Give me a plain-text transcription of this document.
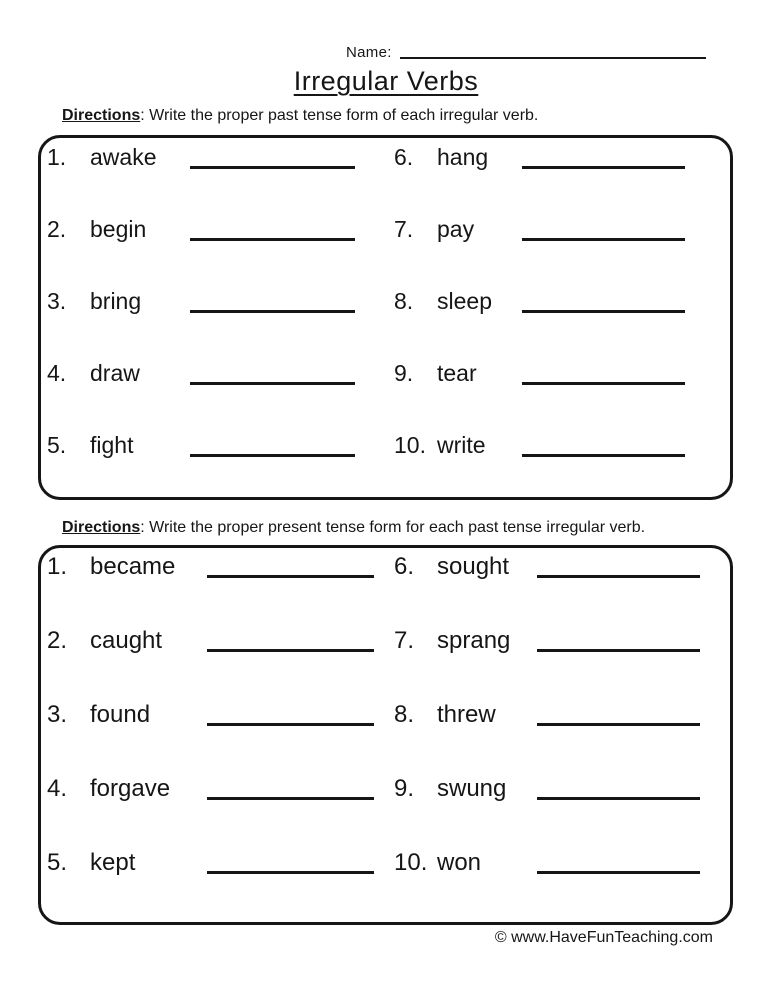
Name:
Irregular Verbs
Directions: Write the proper past tense form of each irregular verb.
1.	awake
2.	begin
3.	bring
4.	draw
5.	fight
6.	hang
7.	pay
8.	sleep
9.	tear
10. write
Directions: Write the proper present tense form for each past tense irregular verb.
1. became
2. caught
3. found
4. forgave
5. kept
6. sought
7. sprang
8. threw
9. swung
10. won
© www.HaveFunTeaching.com
